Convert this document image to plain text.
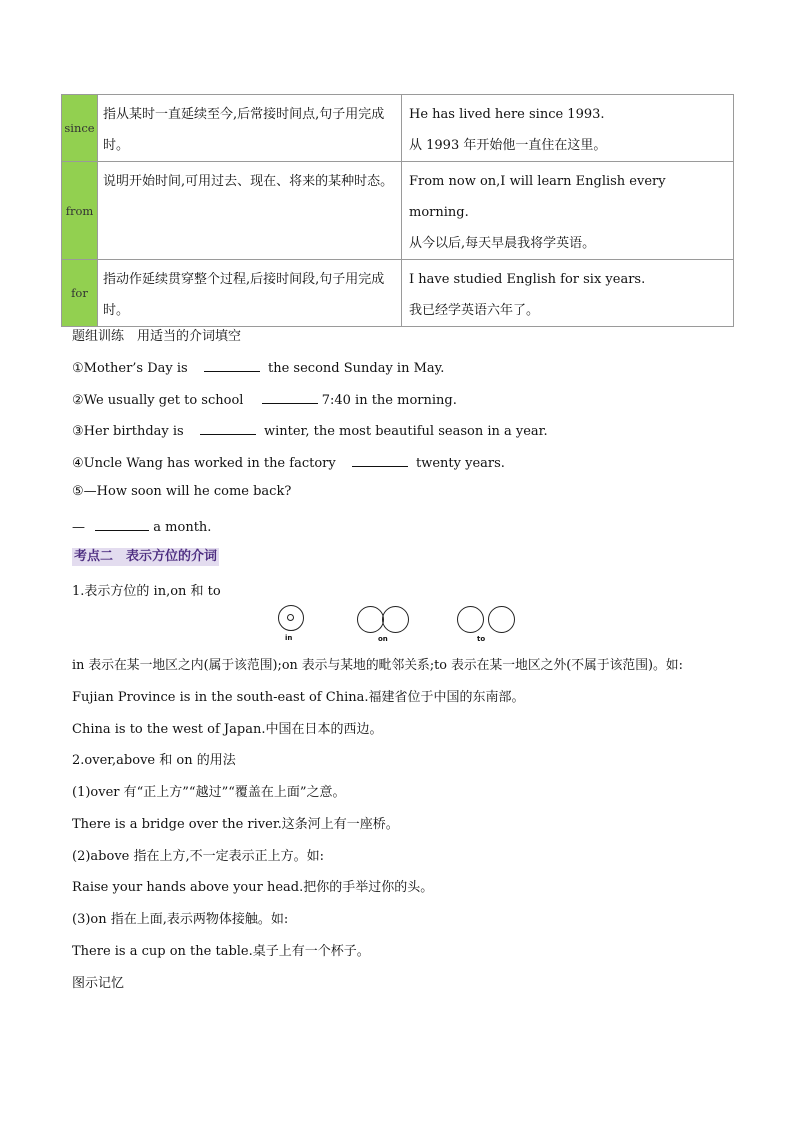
since	指从某时一直延续至今,后常接时间点,句子用完成时。	He has lived here since 1993.
从 1993 年开始他一直住在这里。

from	说明开始时间,可用过去、现在、将来的某种时态。	From now on,I will learn English every morning.
从今以后,每天早晨我将学英语。

for	指动作延续贯穿整个过程,后接时间段,句子用完成时。	I have studied English for six years.
我已经学英语六年了。
题组训练　用适当的介词填空
①Mother’s Day is	the second Sunday in May.
②We usually get to school	7:40 in the morning.
③Her birthday is	winter, the most beautiful season in a year.
④Uncle Wang has worked in the factory	twenty years.
⑤—How soon will he come back?
—	a month.
考点二　表示方位的介词
1.表示方位的 in,on 和 to
in	on	to
in 表示在某一地区之内(属于该范围);on 表示与某地的毗邻关系;to 表示在某一地区之外(不属于该范围)。如:
Fujian Province is in the south-east of China.福建省位于中国的东南部。
China is to the west of Japan.中国在日本的西边。
2.over,above 和 on 的用法
(1)over 有“正上方”“越过”“覆盖在上面”之意。
There is a bridge over the river.这条河上有一座桥。
(2)above 指在上方,不一定表示正上方。如:
Raise your hands above your head.把你的手举过你的头。
(3)on 指在上面,表示两物体接触。如:
There is a cup on the table.桌子上有一个杯子。
图示记忆
